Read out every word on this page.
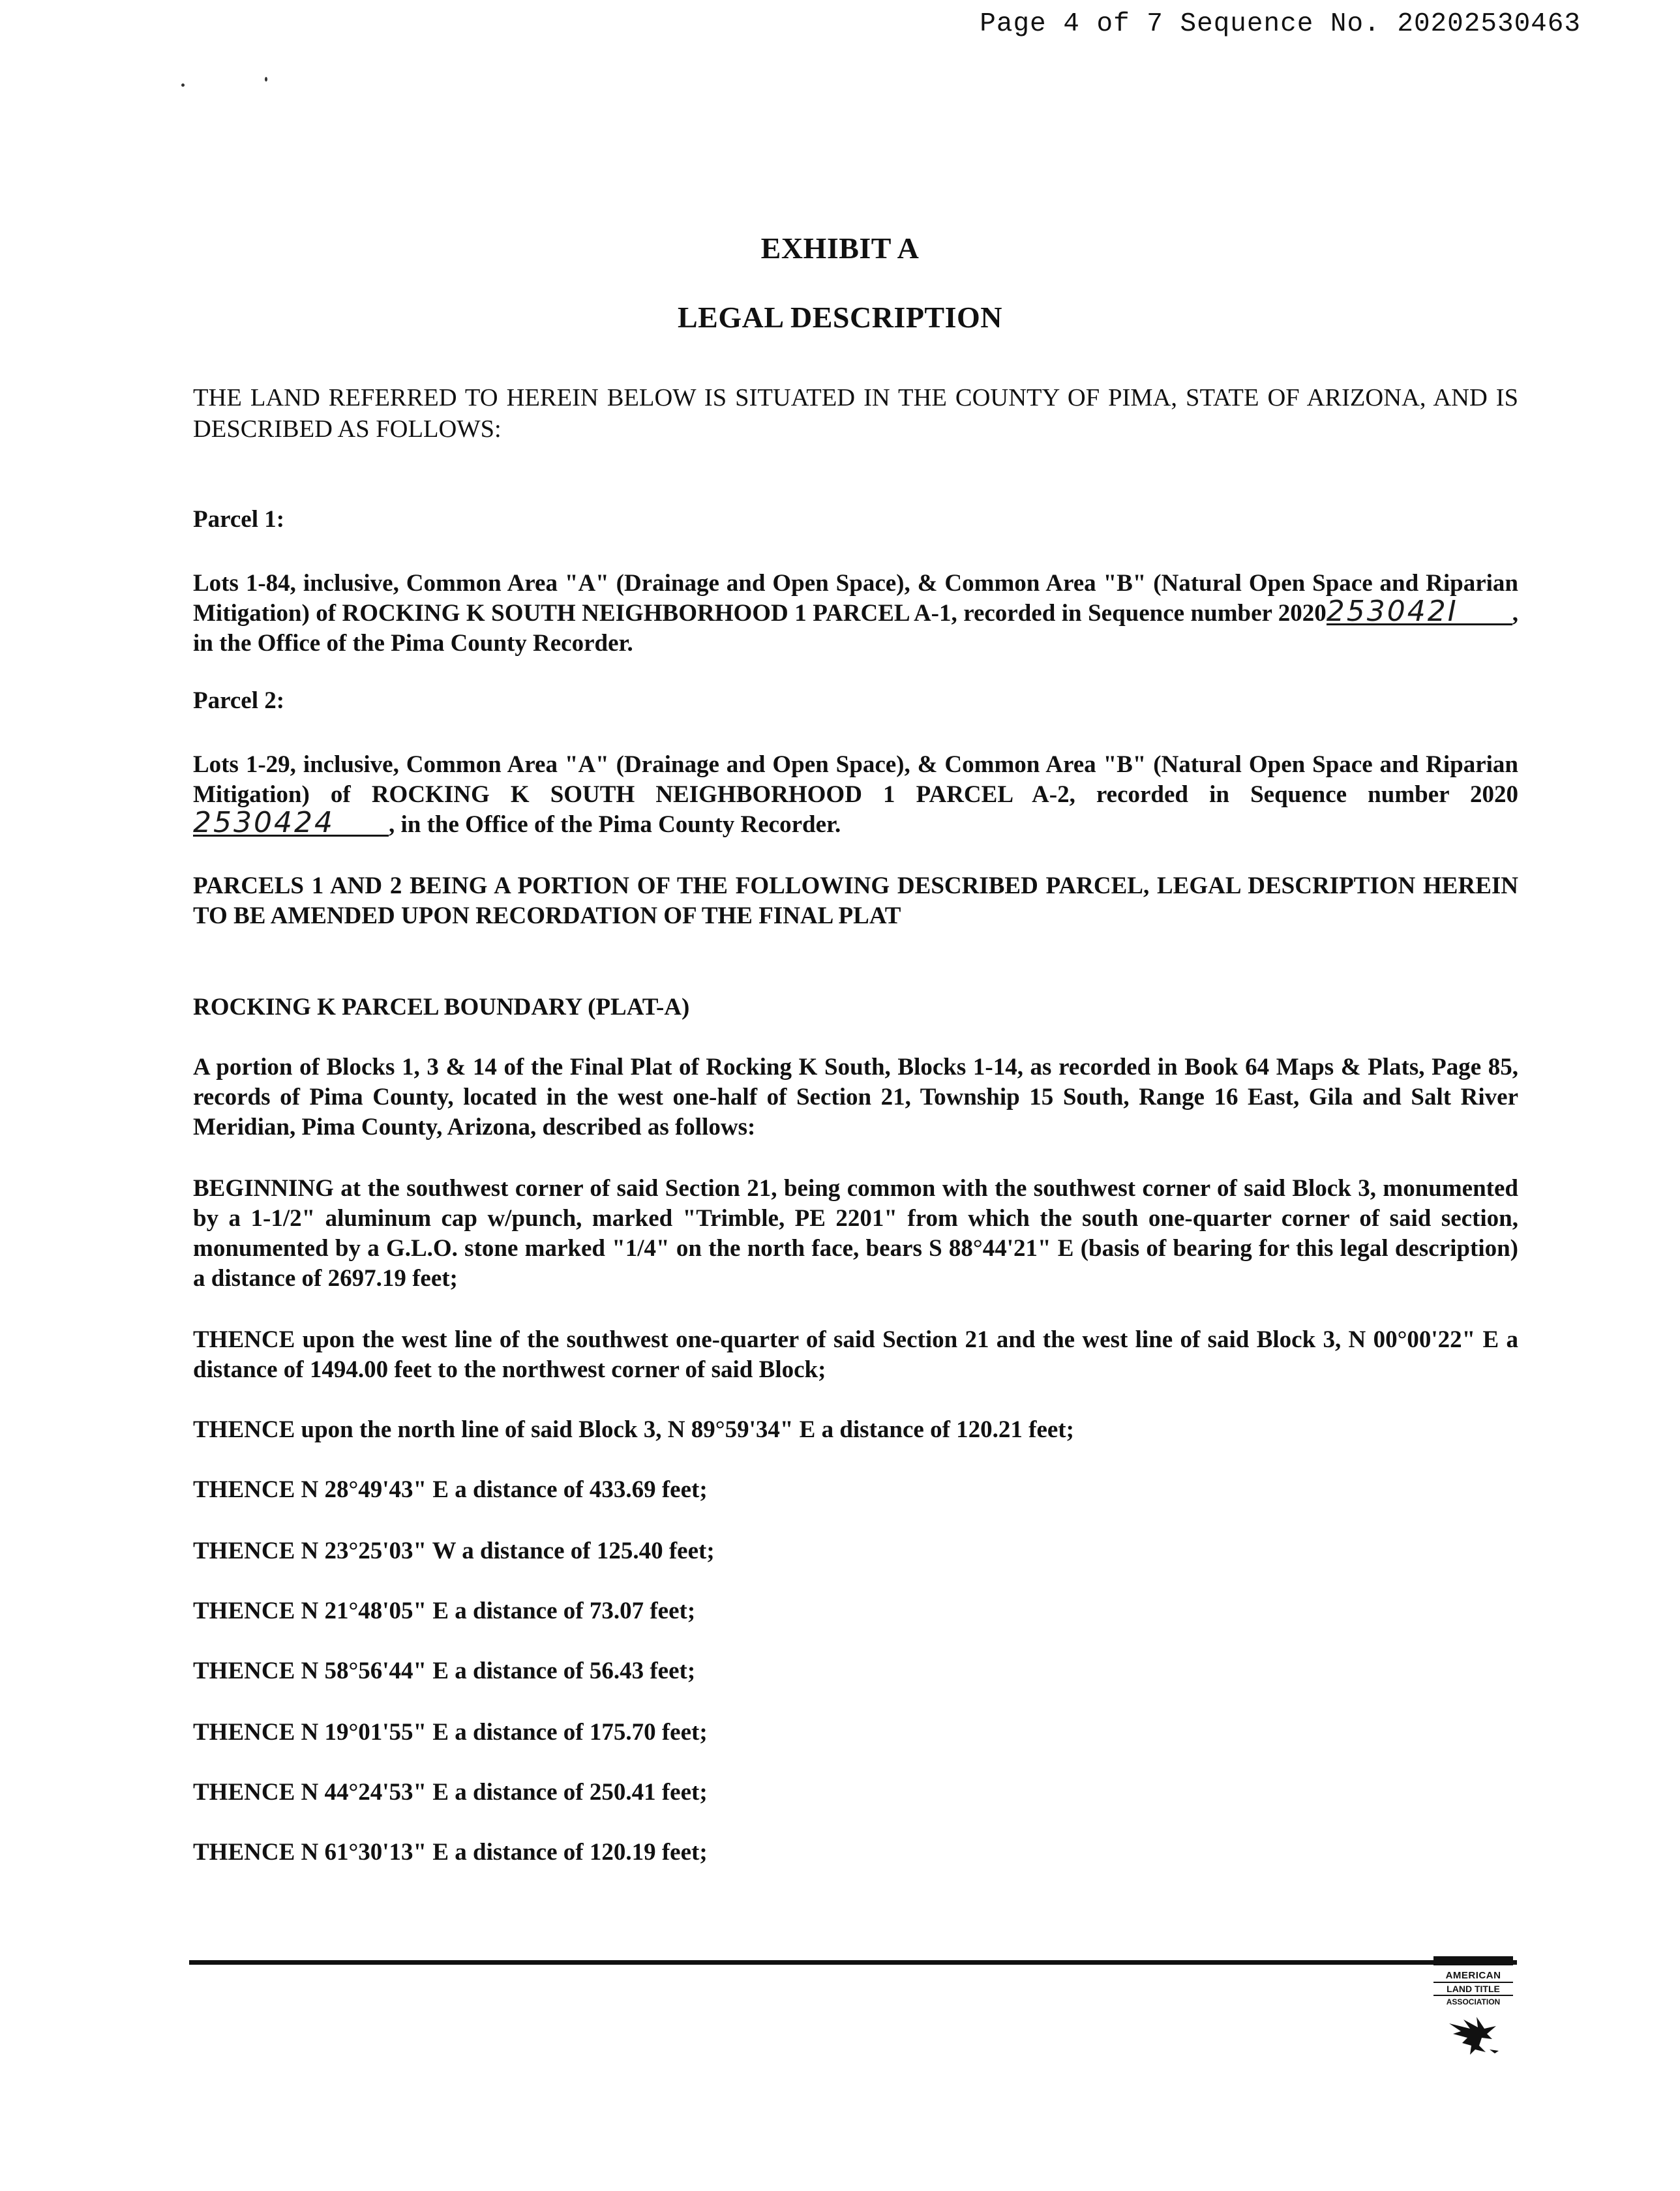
Page 4 of 7 Sequence No. 20202530463
EXHIBIT A
LEGAL DESCRIPTION
THE LAND REFERRED TO HEREIN BELOW IS SITUATED IN THE COUNTY OF PIMA, STATE OF ARIZONA, AND IS DESCRIBED AS FOLLOWS:
Parcel 1:
Lots 1-84, inclusive, Common Area "A" (Drainage and Open Space), & Common Area "B" (Natural Open Space and Riparian Mitigation) of ROCKING K SOUTH NEIGHBORHOOD 1 PARCEL A-1, recorded in Sequence number 2020253042I , in the Office of the Pima County Recorder.
Parcel 2:
Lots 1-29, inclusive, Common Area "A" (Drainage and Open Space), & Common Area "B" (Natural Open Space and Riparian Mitigation) of ROCKING K SOUTH NEIGHBORHOOD 1 PARCEL A-2, recorded in Sequence number 20202530424 , in the Office of the Pima County Recorder.
PARCELS 1 AND 2 BEING A PORTION OF THE FOLLOWING DESCRIBED PARCEL, LEGAL DESCRIPTION HEREIN TO BE AMENDED UPON RECORDATION OF THE FINAL PLAT
ROCKING K PARCEL BOUNDARY (PLAT-A)
A portion of Blocks 1, 3 & 14 of the Final Plat of Rocking K South, Blocks 1-14, as recorded in Book 64 Maps & Plats, Page 85, records of Pima County, located in the west one-half of Section 21, Township 15 South, Range 16 East, Gila and Salt River Meridian, Pima County, Arizona, described as follows:
BEGINNING at the southwest corner of said Section 21, being common with the southwest corner of said Block 3, monumented by a 1-1/2" aluminum cap w/punch, marked "Trimble, PE 2201" from which the south one-quarter corner of said section, monumented by a G.L.O. stone marked "1/4" on the north face, bears S 88°44'21" E (basis of bearing for this legal description) a distance of 2697.19 feet;
THENCE upon the west line of the southwest one-quarter of said Section 21 and the west line of said Block 3, N 00°00'22" E a distance of 1494.00 feet to the northwest corner of said Block;
THENCE upon the north line of said Block 3, N 89°59'34" E a distance of 120.21 feet;
THENCE N 28°49'43" E a distance of 433.69 feet;
THENCE N 23°25'03" W a distance of 125.40 feet;
THENCE N 21°48'05" E a distance of 73.07 feet;
THENCE N 58°56'44" E a distance of 56.43 feet;
THENCE N 19°01'55" E a distance of 175.70 feet;
THENCE N 44°24'53" E a distance of 250.41 feet;
THENCE N 61°30'13" E a distance of 120.19 feet;
AMERICAN
LAND TITLE
ASSOCIATION
